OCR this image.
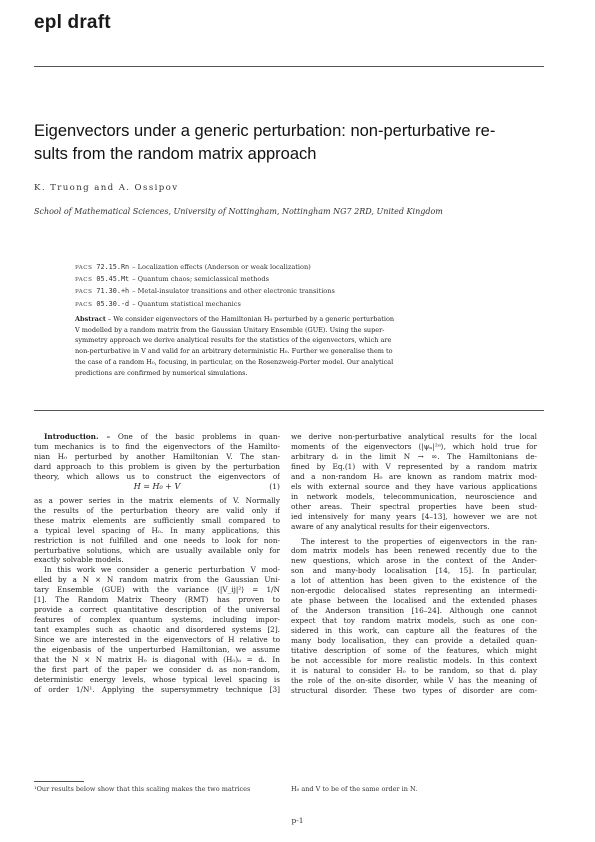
epl draft
Eigenvectors under a generic perturbation: non-perturbative re-
sults from the random matrix approach
K. Truong and A. Ossipov
School of Mathematical Sciences, University of Nottingham, Nottingham NG7 2RD, United Kingdom
PACS 72.15.Rn – Localization effects (Anderson or weak localization)
PACS 05.45.Mt – Quantum chaos; semiclassical methods
PACS 71.30.+h – Metal-insulator transitions and other electronic transitions
PACS 05.30.-d – Quantum statistical mechanics
Abstract – We consider eigenvectors of the Hamiltonian H₀ perturbed by a generic perturbation
V modelled by a random matrix from the Gaussian Unitary Ensemble (GUE). Using the super-
symmetry approach we derive analytical results for the statistics of the eigenvectors, which are
non-perturbative in V and valid for an arbitrary deterministic H₀. Further we generalise them to
the case of a random H₀, focusing, in particular, on the Rosenzweig-Porter model. Our analytical
predictions are confirmed by numerical simulations.
Introduction. – One of the basic problems in quan-
tum mechanics is to find the eigenvectors of the Hamilto-
nian H₀ perturbed by another Hamiltonian V. The stan-
dard approach to this problem is given by the perturbation
theory, which allows us to construct the eigenvectors of
H = H₀ + V	(1)
as a power series in the matrix elements of V. Normally
the results of the perturbation theory are valid only if
these matrix elements are sufficiently small compared to
a typical level spacing of H₀. In many applications, this
restriction is not fulfilled and one needs to look for non-
perturbative solutions, which are usually available only for
exactly solvable models.
In this work we consider a generic perturbation V mod-
elled by a N × N random matrix from the Gaussian Uni-
tary Ensemble (GUE) with the variance ⟨|V_ij|²⟩ = 1/N
[1]. The Random Matrix Theory (RMT) has proven to
provide a correct quantitative description of the universal
features of complex quantum systems, including impor-
tant examples such as chaotic and disordered systems [2].
Since we are interested in the eigenvectors of H relative to
the eigenbasis of the unperturbed Hamiltonian, we assume
that the N × N matrix H₀ is diagonal with (H₀)ᵢᵢ = dᵢ. In
the first part of the paper we consider dᵢ as non-random,
deterministic energy levels, whose typical level spacing is
of order 1/N¹. Applying the supersymmetry technique [3]
we derive non-perturbative analytical results for the local
moments of the eigenvectors ⟨|ψₙ|²ᵅ⟩, which hold true for
arbitrary dᵢ in the limit N → ∞. The Hamiltonians de-
fined by Eq.(1) with V represented by a random matrix
and a non-random H₀ are known as random matrix mod-
els with external source and they have various applications
in network models, telecommunication, neuroscience and
other areas. Their spectral properties have been stud-
ied intensively for many years [4–13], however we are not
aware of any analytical results for their eigenvectors.
The interest to the properties of eigenvectors in the ran-
dom matrix models has been renewed recently due to the
new questions, which arose in the context of the Ander-
son and many-body localisation [14, 15]. In particular,
a lot of attention has been given to the existence of the
non-ergodic delocalised states representing an intermedi-
ate phase between the localised and the extended phases
of the Anderson transition [16–24]. Although one cannot
expect that toy random matrix models, such as one con-
sidered in this work, can capture all the features of the
many body localisation, they can provide a detailed quan-
titative description of some of the features, which might
be not accessible for more realistic models. In this context
it is natural to consider H₀ to be random, so that dᵢ play
the role of the on-site disorder, while V has the meaning of
structural disorder. These two types of disorder are com-
¹Our results below show that this scaling makes the two matrices	H₀ and V to be of the same order in N.
p-1
